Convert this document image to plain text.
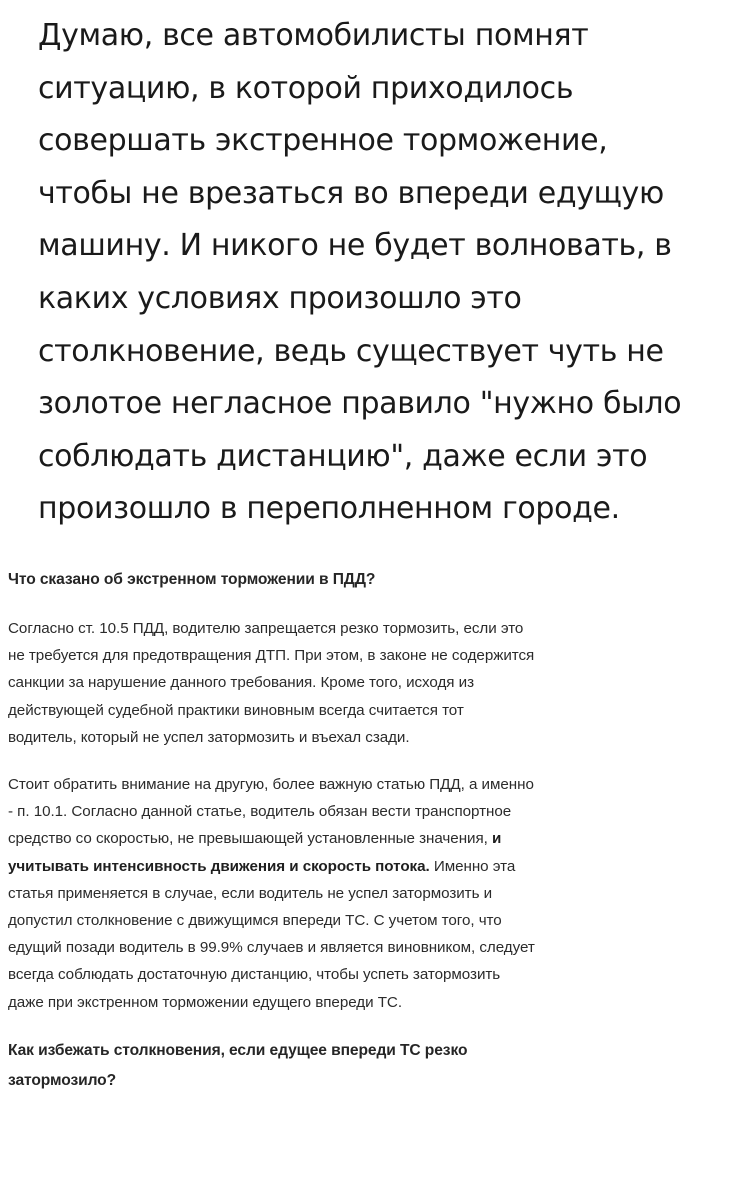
Думаю, все автомобилисты помнят
ситуацию, в которой приходилось
совершать экстренное торможение,
чтобы не врезаться во впереди едущую
машину. И никого не будет волновать, в
каких условиях произошло это
столкновение, ведь существует чуть не
золотое негласное правило "нужно было
соблюдать дистанцию", даже если это
произошло в переполненном городе.

Что сказано об экстренном торможении в ПДД?

Согласно ст. 10.5 ПДД, водителю запрещается резко тормозить, если это
не требуется для предотвращения ДТП. При этом, в законе не содержится
санкции за нарушение данного требования. Кроме того, исходя из
действующей судебной практики виновным всегда считается тот
водитель, который не успел затормозить и въехал сзади.

Стоит обратить внимание на другую, более важную статью ПДД, а именно
- п. 10.1. Согласно данной статье, водитель обязан вести транспортное
средство со скоростью, не превышающей установленные значения, и
учитывать интенсивность движения и скорость потока. Именно эта
статья применяется в случае, если водитель не успел затормозить и
допустил столкновение с движущимся впереди ТС. С учетом того, что
едущий позади водитель в 99.9% случаев и является виновником, следует
всегда соблюдать достаточную дистанцию, чтобы успеть затормозить
даже при экстренном торможении едущего впереди ТС.

Как избежать столкновения, если едущее впереди ТС резко
затормозило?
